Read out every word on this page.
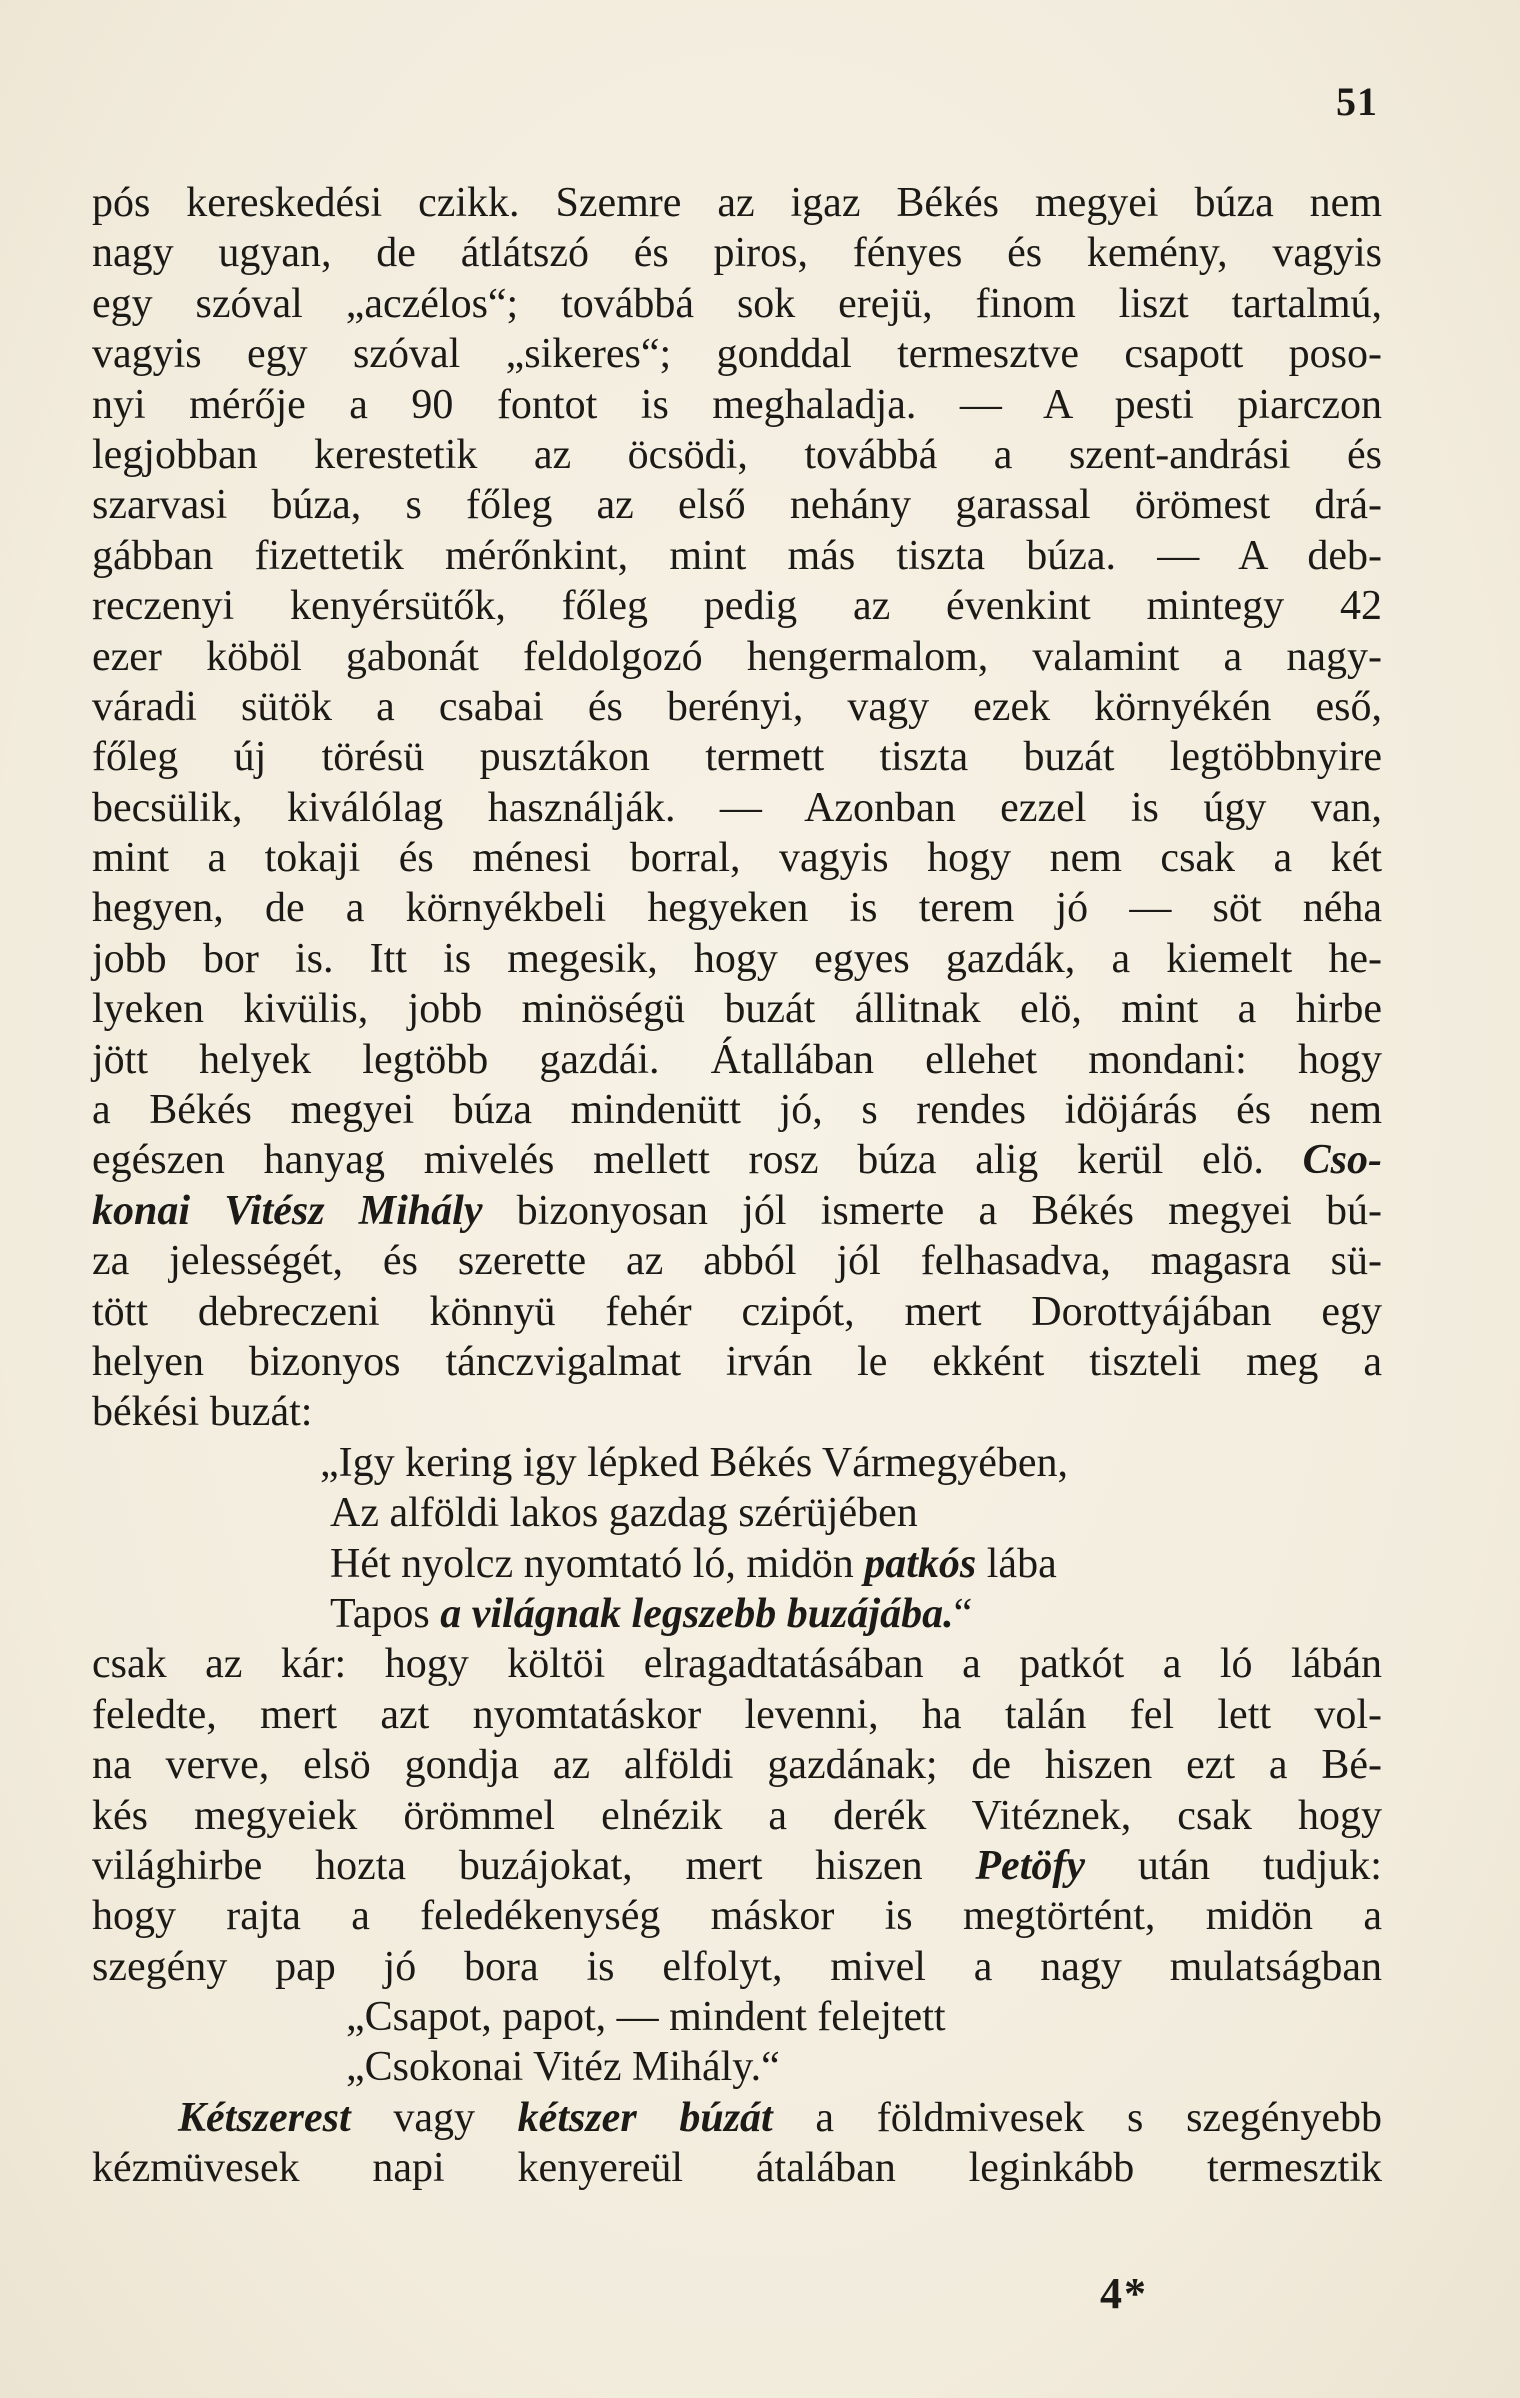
51
pós kereskedési czikk. Szemre az igaz Békés megyei búza nem
nagy ugyan, de átlátszó és piros, fényes és kemény, vagyis
egy szóval „aczélos“; továbbá sok erejü, finom liszt tartalmú,
vagyis egy szóval „sikeres“; gonddal termesztve csapott poso-
nyi mérője a 90 fontot is meghaladja. — A pesti piarczon
legjobban kerestetik az öcsödi, továbbá a szent-andrási és
szarvasi búza, s főleg az első nehány garassal örömest drá-
gábban fizettetik mérőnkint, mint más tiszta búza. — A deb-
reczenyi kenyérsütők, főleg pedig az évenkint mintegy 42
ezer köböl gabonát feldolgozó hengermalom, valamint a nagy-
váradi sütök a csabai és berényi, vagy ezek környékén eső,
főleg új törésü pusztákon termett tiszta buzát legtöbbnyire
becsülik, kiválólag használják. — Azonban ezzel is úgy van,
mint a tokaji és ménesi borral, vagyis hogy nem csak a két
hegyen, de a környékbeli hegyeken is terem jó — söt néha
jobb bor is. Itt is megesik, hogy egyes gazdák, a kiemelt he-
lyeken kivülis, jobb minöségü buzát állitnak elö, mint a hirbe
jött helyek legtöbb gazdái. Átallában ellehet mondani: hogy
a Békés megyei búza mindenütt jó, s rendes idöjárás és nem
egészen hanyag mivelés mellett rosz búza alig kerül elö. Cso-
konai Vitész Mihály bizonyosan jól ismerte a Békés megyei bú-
za jelességét, és szerette az abból jól felhasadva, magasra sü-
tött debreczeni könnyü fehér czipót, mert Dorottyájában egy
helyen bizonyos tánczvigalmat irván le ekként tiszteli meg a
békési buzát:
„Igy kering igy lépked Békés Vármegyében,
Az alföldi lakos gazdag szérüjében
Hét nyolcz nyomtató ló, midön patkós lába
Tapos a világnak legszebb buzájába.“
csak az kár: hogy költöi elragadtatásában a patkót a ló lábán
feledte, mert azt nyomtatáskor levenni, ha talán fel lett vol-
na verve, elsö gondja az alföldi gazdának; de hiszen ezt a Bé-
kés megyeiek örömmel elnézik a derék Vitéznek, csak hogy
világhirbe hozta buzájokat, mert hiszen Petöfy után tudjuk:
hogy rajta a feledékenység máskor is megtörtént, midön a
szegény pap jó bora is elfolyt, mivel a nagy mulatságban
„Csapot, papot, — mindent felejtett
„Csokonai Vitéz Mihály.“
Kétszerest vagy kétszer búzát a földmivesek s szegényebb
kézmüvesek napi kenyereül átalában leginkább termesztik
4*
